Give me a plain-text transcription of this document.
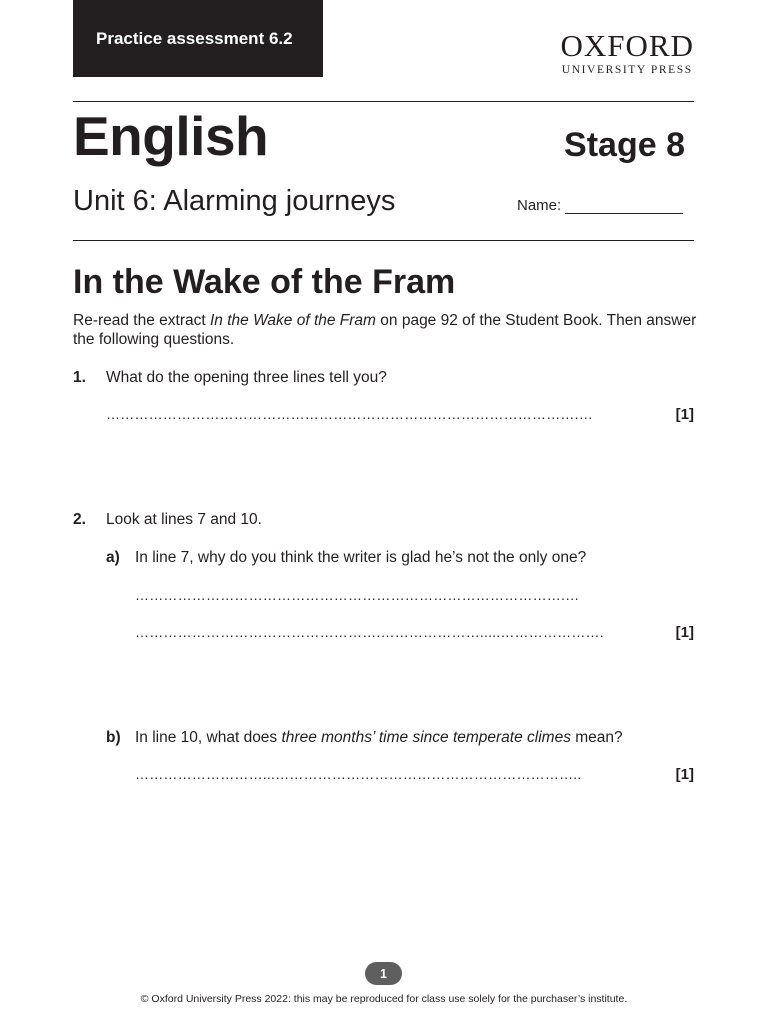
Practice assessment 6.2	OXFORD
UNIVERSITY PRESS
English	Stage 8
Unit 6: Alarming journeys	Name:
In the Wake of the Fram
Re-read the extract In the Wake of the Fram on page 92 of the Student Book. Then answer the following questions.
1. What do the opening three lines tell you?
……………………………………………………………………………………….…	[1]
2. Look at lines 7 and 10.
a) In line 7, why do you think the writer is glad he’s not the only one?
……………………………………………………………………………….…
…………………………………………….………………….....………………….	[1]
b) In line 10, what does three months’ time since temperate climes mean?
………………………...………………………………………………………..	[1]
1
© Oxford University Press 2022: this may be reproduced for class use solely for the purchaser’s institute.
